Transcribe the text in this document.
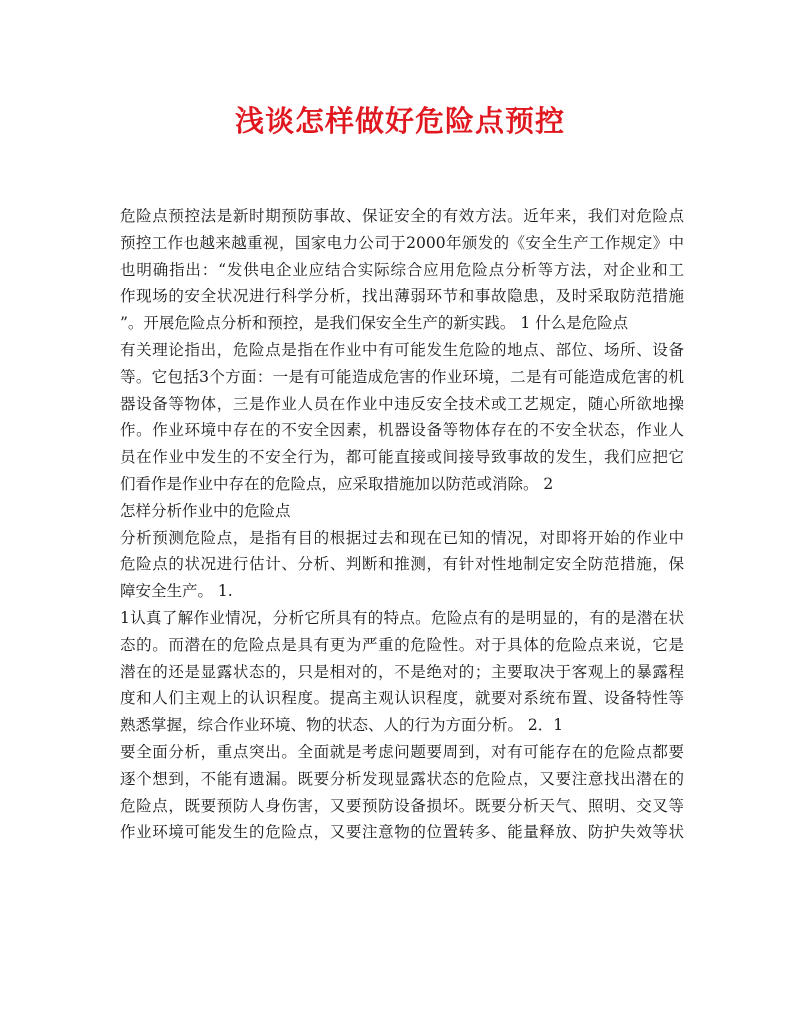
浅谈怎样做好危险点预控
危险点预控法是新时期预防事故、保证安全的有效方法。近年来，我们对危险点
预控工作也越来越重视，国家电力公司于2000年颁发的《安全生产工作规定》中
也明确指出：“发供电企业应结合实际综合应用危险点分析等方法，对企业和工
作现场的安全状况进行科学分析，找出薄弱环节和事故隐患，及时采取防范措施
”。开展危险点分析和预控，是我们保安全生产的新实践。 1 什么是危险点
有关理论指出，危险点是指在作业中有可能发生危险的地点、部位、场所、设备
等。它包括3个方面：一是有可能造成危害的作业环境，二是有可能造成危害的机
器设备等物体，三是作业人员在作业中违反安全技术或工艺规定，随心所欲地操
作。作业环境中存在的不安全因素，机器设备等物体存在的不安全状态，作业人
员在作业中发生的不安全行为，都可能直接或间接导致事故的发生，我们应把它
们看作是作业中存在的危险点，应采取措施加以防范或消除。 2
怎样分析作业中的危险点
分析预测危险点，是指有目的根据过去和现在已知的情况，对即将开始的作业中
危险点的状况进行估计、分析、判断和推测，有针对性地制定安全防范措施，保
障安全生产。 1.
1认真了解作业情况，分析它所具有的特点。危险点有的是明显的，有的是潜在状
态的。而潜在的危险点是具有更为严重的危险性。对于具体的危险点来说，它是
潜在的还是显露状态的，只是相对的，不是绝对的；主要取决于客观上的暴露程
度和人们主观上的认识程度。提高主观认识程度，就要对系统布置、设备特性等
熟悉掌握，综合作业环境、物的状态、人的行为方面分析。 2．1
要全面分析，重点突出。全面就是考虑问题要周到，对有可能存在的危险点都要
逐个想到，不能有遗漏。既要分析发现显露状态的危险点，又要注意找出潜在的
危险点，既要预防人身伤害，又要预防设备损坏。既要分析天气、照明、交叉等
作业环境可能发生的危险点，又要注意物的位置转多、能量释放、防护失效等状
